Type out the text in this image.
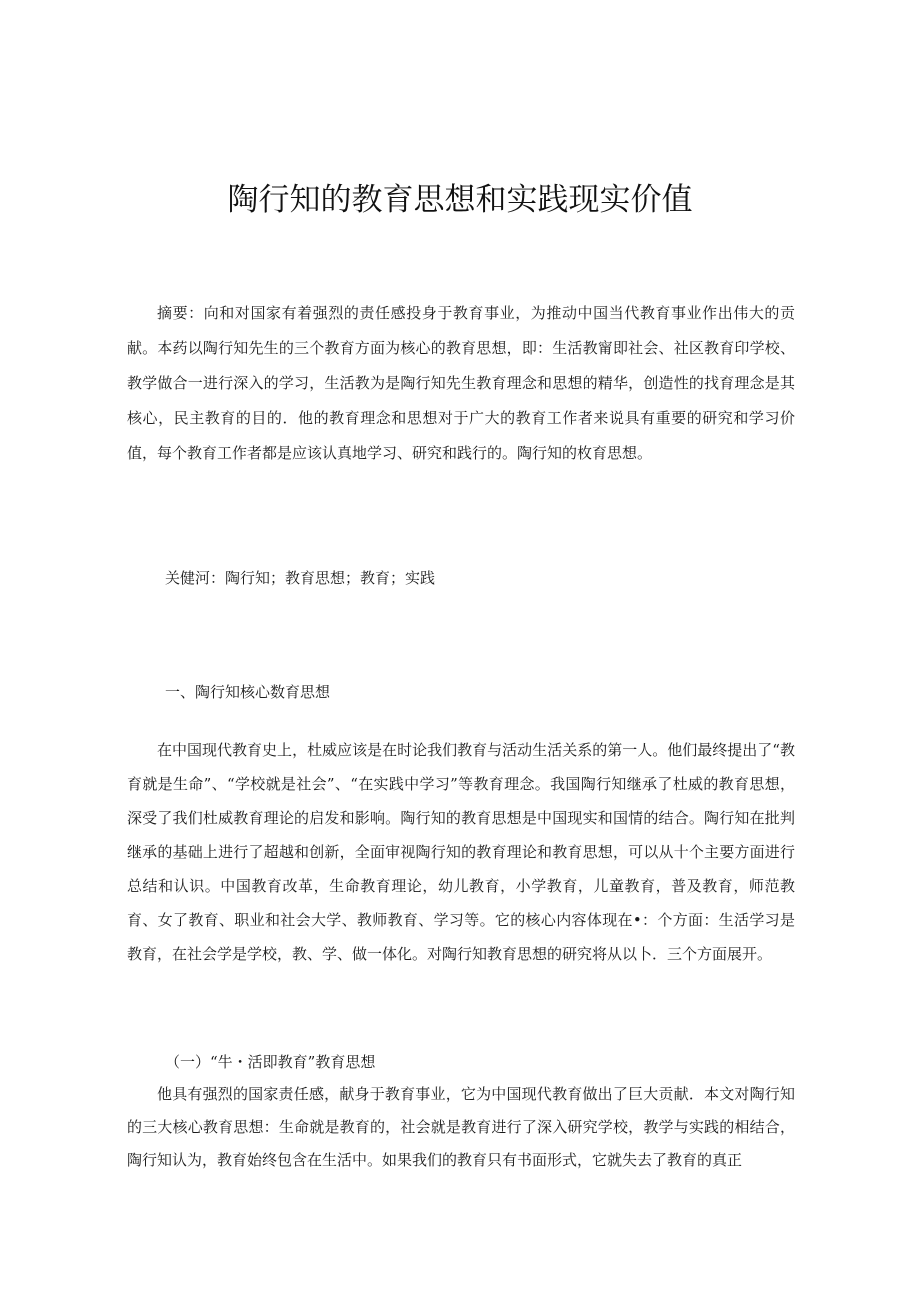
陶行知的教育思想和实践现实价值

摘要：向和对国家有着强烈的责任感投身于教育事业，为推动中国当代教育事业作出伟大的贡献。本药以陶行知先生的三个教育方面为核心的教育思想，即：生活教甯即社会、社区教育印学校、教学做合一进行深入的学习，生活教为是陶行知先生教育理念和思想的精华，创造性的找育理念是其核心，民主教育的目的．他的教育理念和思想对于广大的教育工作者来说具有重要的研究和学习价值，每个教育工作者都是应该认真地学习、研究和践行的。陶行知的枚育思想。

关健河：陶行知；教育思想；教育；实践

一、陶行知核心数育思想

在中国现代教育史上，杜威应该是在时论我们教育与活动生活关系的第一人。他们最终提出了“教育就是生命”、“学校就是社会”、“在实践中学习”等教育理念。我国陶行知继承了杜威的教育思想，深受了我们杜威教育理论的启发和影响。陶行知的教育思想是中国现实和国情的结合。陶行知在批判继承的基础上进行了超越和创新，全面审视陶行知的教育理论和教育思想，可以从十个主要方面进行总结和认识。中国教育改革，生命教育理论，幼儿教育，小学教育，儿童教育，普及教育，师范教育、女了教育、职业和社会大学、教师教育、学习等。它的核心内容体现在•：个方面：生活学习是教育，在社会学是学校，教、学、做一体化。对陶行知教育思想的研究将从以卜．三个方面展开。

（一）“牛・活即教育”教育思想

他具有强烈的国家责任感，献身于教育事业，它为中国现代教育做出了巨大贡献．本文对陶行知的三大核心教育思想：生命就是教育的，社会就是教育进行了深入研究学校，教学与实践的相结合，陶行知认为，教育始终包含在生活中。如果我们的教育只有书面形式，它就失去了教育的真正
